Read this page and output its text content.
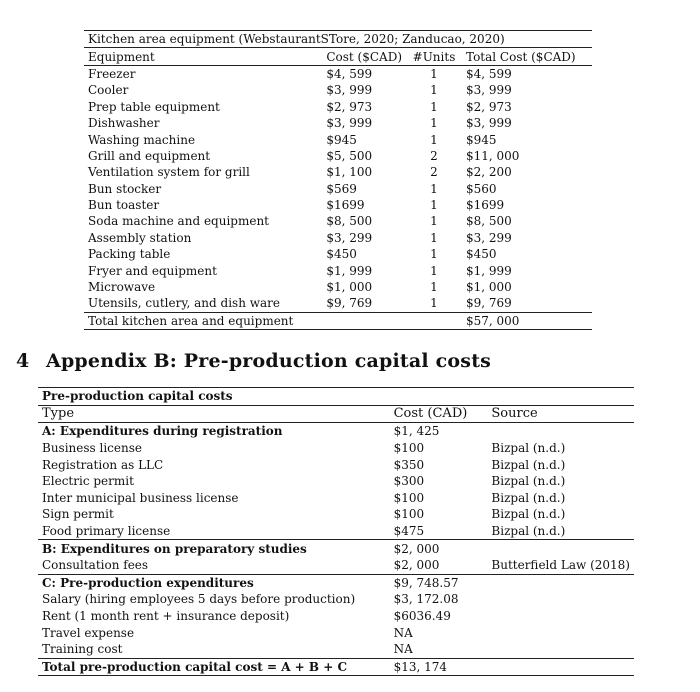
Kitchen area equipment (WebstaurantSTore, 2020; Zanducao, 2020)			
Equipment	Cost ($CAD)	#Units	Total Cost ($CAD)
Freezer	$4, 599	1	$4, 599
Cooler	$3, 999	1	$3, 999
Prep table equipment	$2, 973	1	$2, 973
Dishwasher	$3, 999	1	$3, 999
Washing machine	$945	1	$945
Grill and equipment	$5, 500	2	$11, 000
Ventilation system for grill	$1, 100	2	$2, 200
Bun stocker	$569	1	$560
Bun toaster	$1699	1	$1699
Soda machine and equipment	$8, 500	1	$8, 500
Assembly station	$3, 299	1	$3, 299
Packing table	$450	1	$450
Fryer and equipment	$1, 999	1	$1, 999
Microwave	$1, 000	1	$1, 000
Utensils, cutlery, and dish ware	$9, 769	1	$9, 769
Total kitchen area and equipment			$57, 000
4 Appendix B: Pre-production capital costs
Pre-production capital costs		
Type	Cost (CAD)	Source
A: Expenditures during registration	$1, 425	
Business license	$100	Bizpal (n.d.)
Registration as LLC	$350	Bizpal (n.d.)
Electric permit	$300	Bizpal (n.d.)
Inter municipal business license	$100	Bizpal (n.d.)
Sign permit	$100	Bizpal (n.d.)
Food primary license	$475	Bizpal (n.d.)
B: Expenditures on preparatory studies	$2, 000	
Consultation fees	$2, 000	Butterfield Law (2018)
C: Pre-production expenditures	$9, 748.57	
Salary (hiring employees 5 days before production)	$3, 172.08	
Rent (1 month rent + insurance deposit)	$6036.49	
Travel expense	NA	
Training cost	NA	
Total pre-production capital cost = A + B + C	$13, 174	
